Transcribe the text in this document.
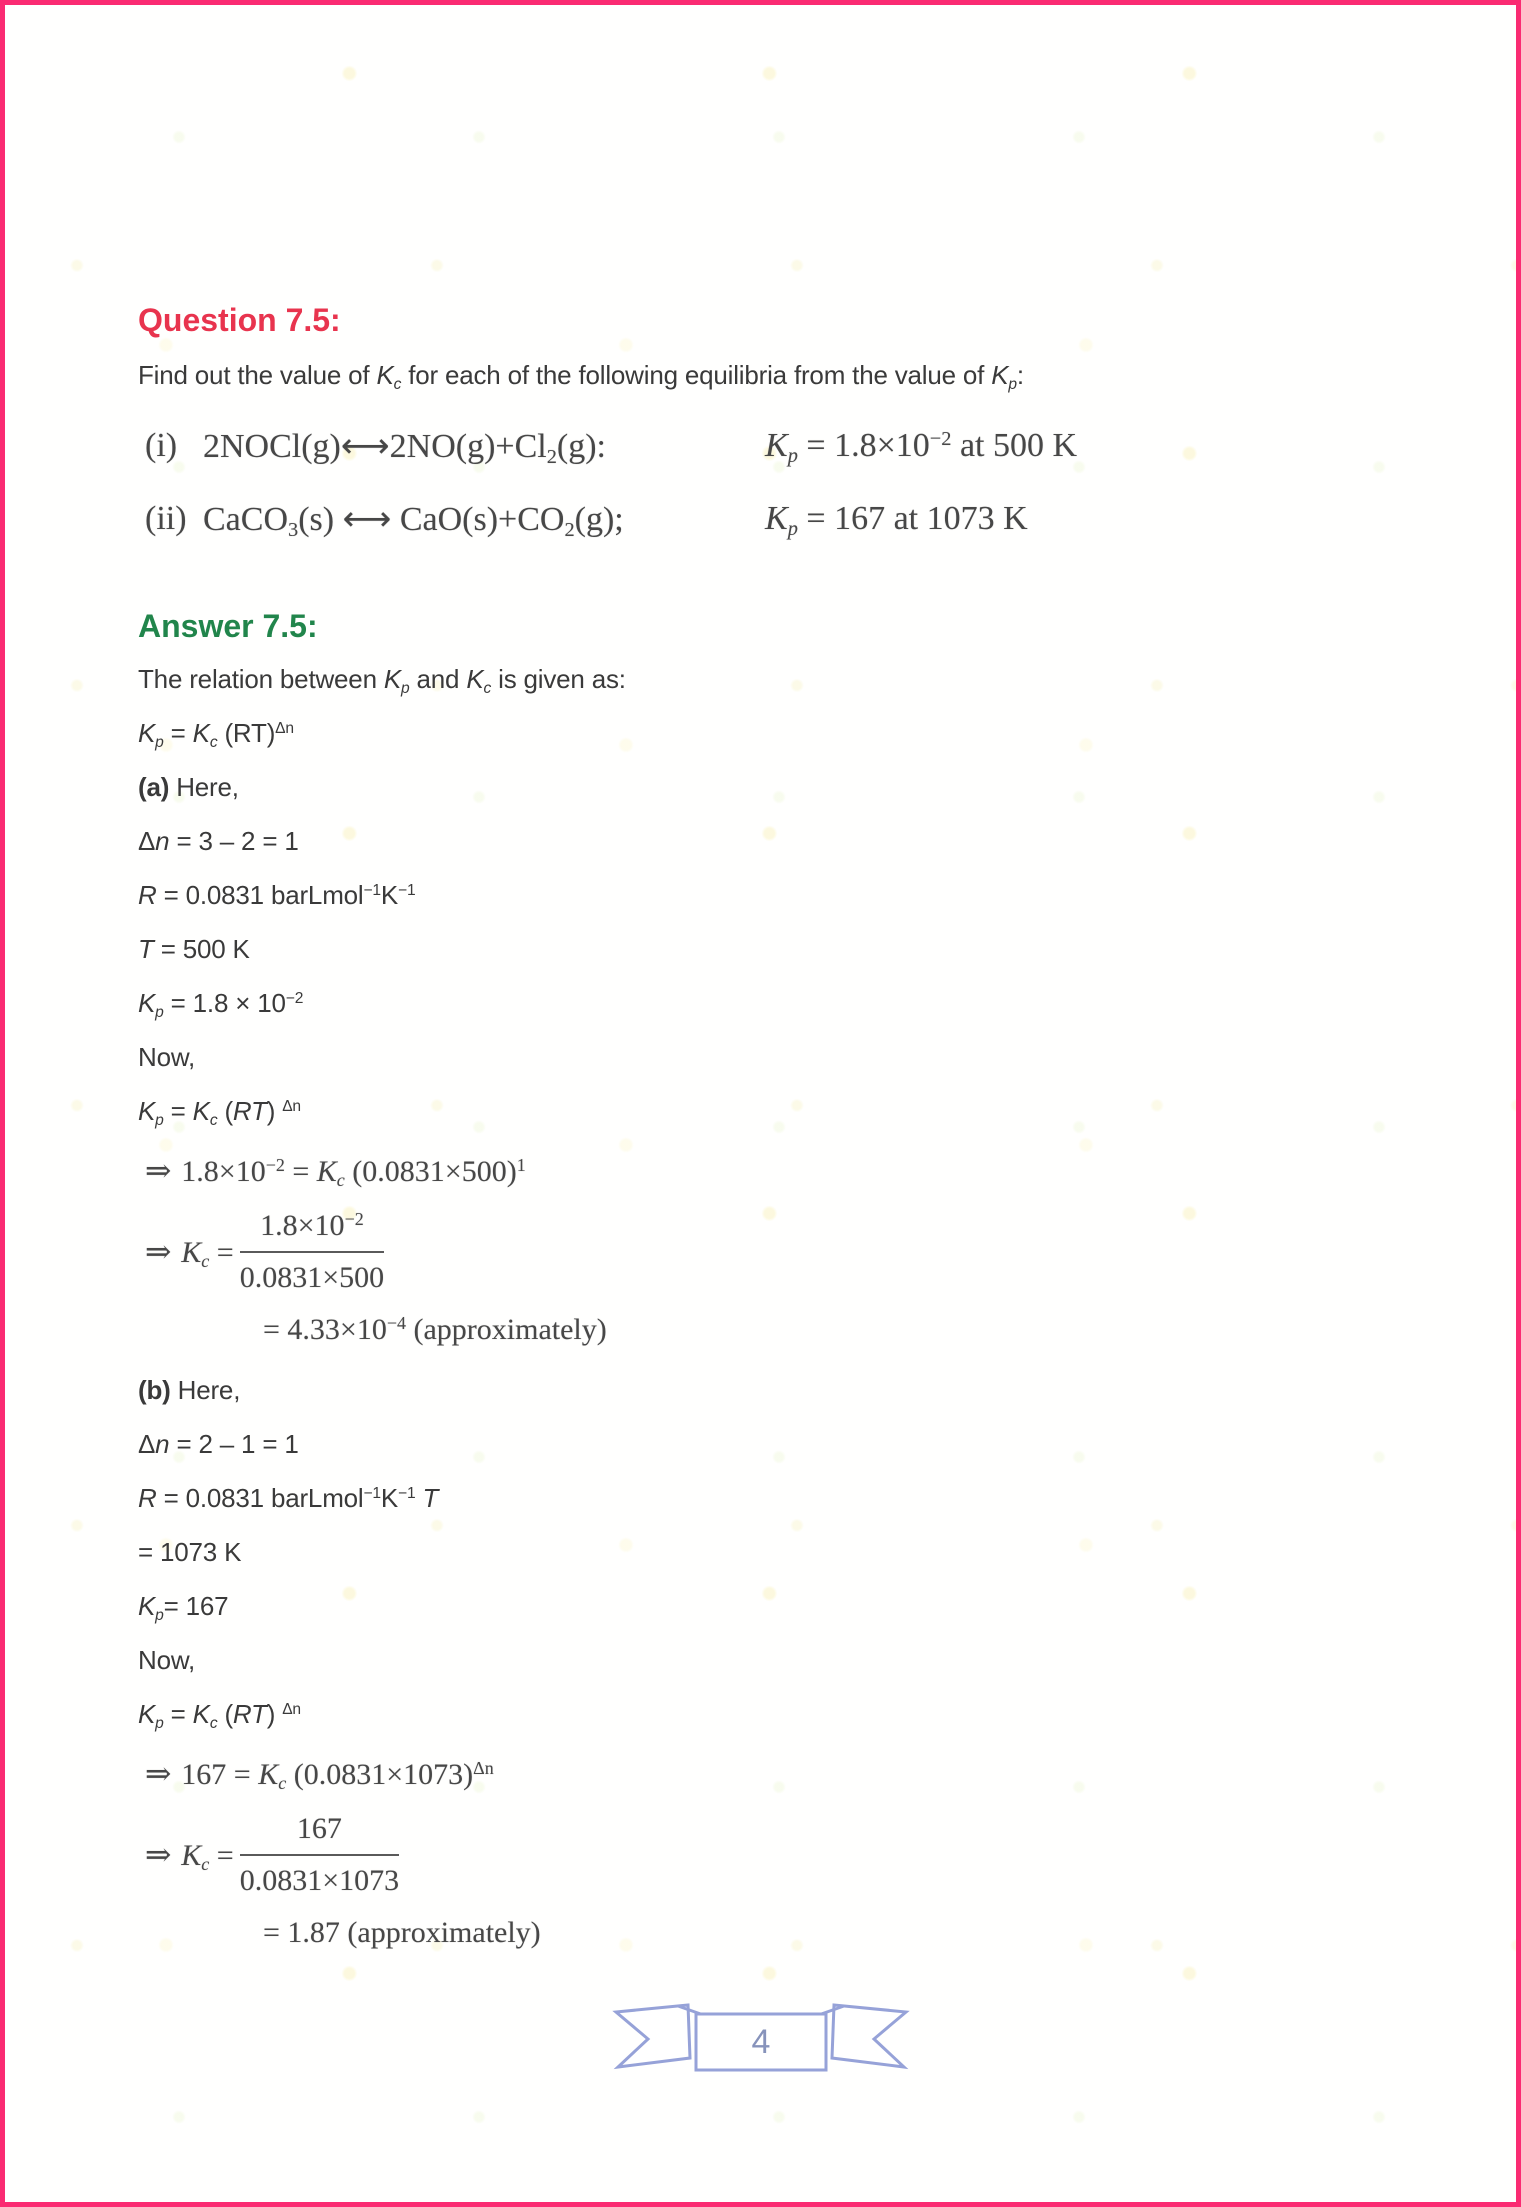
Question 7.5:

Find out the value of Kc for each of the following equilibria from the value of Kp:

(i) 2NOCl(g)⟷2NO(g)+Cl2(g):	$Kp = 1.8\times 10^{-2}$ at 500 K
(ii) CaCO3(s) ⟷ CaO(s)+CO2(g);	Kp = 167 at 1073 K
Answer 7.5:

The relation between Kp and Kc is given as:

Kp = Kc (RT)$^{\Delta n}$

(a) Here,

Δn = 3 – 2 = 1

R = 0.0831 $barLmol^{-1}K^{-1}$

T = 500 K

$Kp = 1.8 \times 10^{-2}$

Now,

Kp = Kc (RT) $^{\Delta n}$

⇒ $1.8\times 10^{-2} = Kc$ $(0.0831\times 500)^1$
⇒ $Kc = \frac{1.8\times 10^{-2}}{0.0831\times 500}$
= $4.33\times 10^{-4}$ (approximately)

(b) Here,

Δn = 2 – 1 = 1

R = 0.0831 $barLmol^{-1}K^{-1}$ T

= 1073 K

Kp= 167

Now,

Kp = Kc (RT) $^{\Delta n}$

⇒ 167 = Kc $(0.0831\times 1073)^{\Delta n}$
⇒ $Kc = \frac{167}{0.0831\times 1073}$
= 1.87 (approximately)
4
